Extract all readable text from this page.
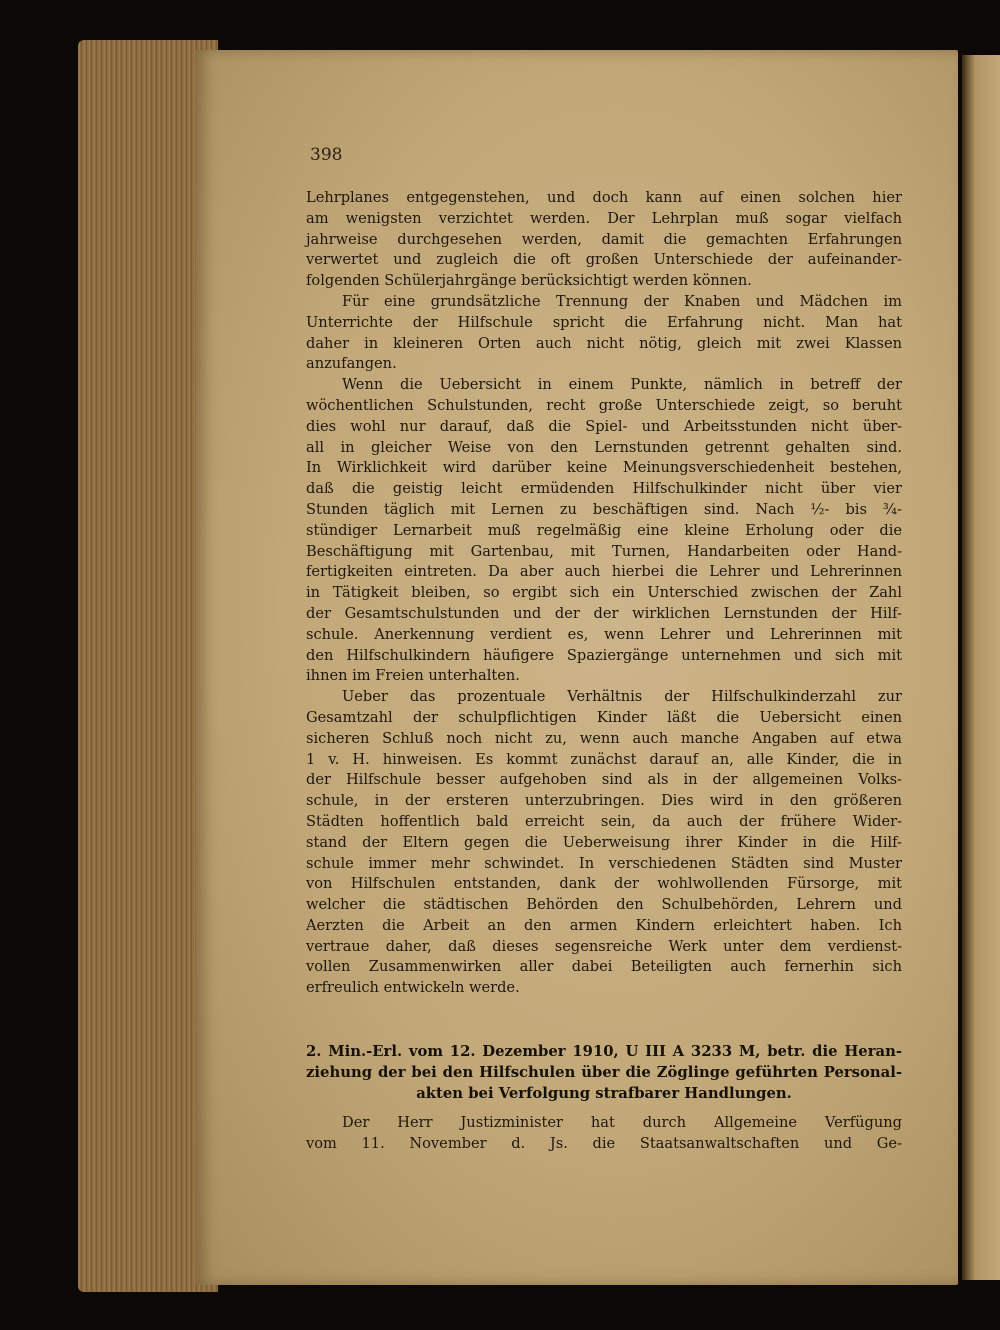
398
Lehrplanes entgegenstehen, und doch kann auf einen solchen hier
am wenigsten verzichtet werden. Der Lehrplan muß sogar vielfach
jahrweise durchgesehen werden, damit die gemachten Erfahrungen
verwertet und zugleich die oft großen Unterschiede der aufeinander-
folgenden Schülerjahrgänge berücksichtigt werden können.
Für eine grundsätzliche Trennung der Knaben und Mädchen im
Unterrichte der Hilfschule spricht die Erfahrung nicht. Man hat
daher in kleineren Orten auch nicht nötig, gleich mit zwei Klassen
anzufangen.
Wenn die Uebersicht in einem Punkte, nämlich in betreff der
wöchentlichen Schulstunden, recht große Unterschiede zeigt, so beruht
dies wohl nur darauf, daß die Spiel- und Arbeitsstunden nicht über-
all in gleicher Weise von den Lernstunden getrennt gehalten sind.
In Wirklichkeit wird darüber keine Meinungsverschiedenheit bestehen,
daß die geistig leicht ermüdenden Hilfschulkinder nicht über vier
Stunden täglich mit Lernen zu beschäftigen sind. Nach ½- bis ¾-
stündiger Lernarbeit muß regelmäßig eine kleine Erholung oder die
Beschäftigung mit Gartenbau, mit Turnen, Handarbeiten oder Hand-
fertigkeiten eintreten. Da aber auch hierbei die Lehrer und Lehrerinnen
in Tätigkeit bleiben, so ergibt sich ein Unterschied zwischen der Zahl
der Gesamtschulstunden und der der wirklichen Lernstunden der Hilf-
schule. Anerkennung verdient es, wenn Lehrer und Lehrerinnen mit
den Hilfschulkindern häufigere Spaziergänge unternehmen und sich mit
ihnen im Freien unterhalten.
Ueber das prozentuale Verhältnis der Hilfschulkinderzahl zur
Gesamtzahl der schulpflichtigen Kinder läßt die Uebersicht einen
sicheren Schluß noch nicht zu, wenn auch manche Angaben auf etwa
1 v. H. hinweisen. Es kommt zunächst darauf an, alle Kinder, die in
der Hilfschule besser aufgehoben sind als in der allgemeinen Volks-
schule, in der ersteren unterzubringen. Dies wird in den größeren
Städten hoffentlich bald erreicht sein, da auch der frühere Wider-
stand der Eltern gegen die Ueberweisung ihrer Kinder in die Hilf-
schule immer mehr schwindet. In verschiedenen Städten sind Muster
von Hilfschulen entstanden, dank der wohlwollenden Fürsorge, mit
welcher die städtischen Behörden den Schulbehörden, Lehrern und
Aerzten die Arbeit an den armen Kindern erleichtert haben. Ich
vertraue daher, daß dieses segensreiche Werk unter dem verdienst-
vollen Zusammenwirken aller dabei Beteiligten auch fernerhin sich
erfreulich entwickeln werde.
2. Min.-Erl. vom 12. Dezember 1910, U III A 3233 M, betr. die Heran-
ziehung der bei den Hilfschulen über die Zöglinge geführten Personal-
akten bei Verfolgung strafbarer Handlungen.
Der Herr Justizminister hat durch Allgemeine Verfügung
vom 11. November d. Js. die Staatsanwaltschaften und Ge-
